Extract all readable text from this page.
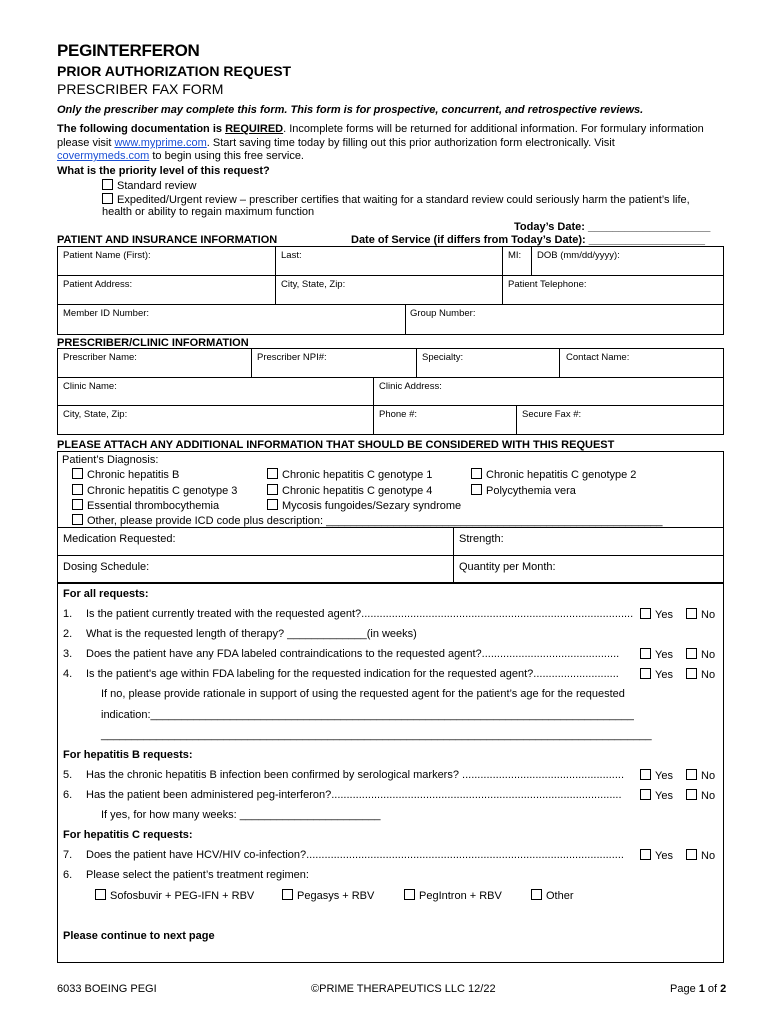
PEGINTERFERON
PRIOR AUTHORIZATION REQUEST
PRESCRIBER FAX FORM
Only the prescriber may complete this form. This form is for prospective, concurrent, and retrospective reviews.
The following documentation is REQUIRED. Incomplete forms will be returned for additional information. For formulary information
please visit www.myprime.com. Start saving time today by filling out this prior authorization form electronically. Visit
covermymeds.com to begin using this free service.
What is the priority level of this request?
Standard review
Expedited/Urgent review – prescriber certifies that waiting for a standard review could seriously harm the patient’s life,
health or ability to regain maximum function
Today’s Date: ____________________
PATIENT AND INSURANCE INFORMATION	Date of Service (if differs from Today’s Date): ___________________
Patient Name (First):	Last:	MI: DOB (mm/dd/yyyy):
Patient Address:	City, State, Zip:	Patient Telephone:
Member ID Number:	Group Number:
PRESCRIBER/CLINIC INFORMATION
Prescriber Name:	Prescriber NPI#:	Specialty:	Contact Name:
Clinic Name:	Clinic Address:
City, State, Zip:	Phone #:	Secure Fax #:
PLEASE ATTACH ANY ADDITIONAL INFORMATION THAT SHOULD BE CONSIDERED WITH THIS REQUEST
Patient’s Diagnosis:
Chronic hepatitis B	Chronic hepatitis C genotype 1	Chronic hepatitis C genotype 2
Chronic hepatitis C genotype 3	Chronic hepatitis C genotype 4	Polycythemia vera
Essential thrombocythemia	Mycosis fungoides/Sezary syndrome
Other, please provide ICD code plus description: _______________________________________________________
Medication Requested:	Strength:
Dosing Schedule:	Quantity per Month:
For all requests:
1. Is the patient currently treated with the requested agent?.........................................................................................	Yes	No
2. What is the requested length of therapy? _____________(in weeks)
3. Does the patient have any FDA labeled contraindications to the requested agent?.............................................	Yes	No
4. Is the patient's age within FDA labeling for the requested indication for the requested agent?............................	Yes	No
If no, please provide rationale in support of using the requested agent for the patient’s age for the requested
indication:_______________________________________________________________________________
__________________________________________________________________________________________
For hepatitis B requests:
5. Has the chronic hepatitis B infection been confirmed by serological markers? .....................................................	Yes	No
6. Has the patient been administered peg-interferon?...............................................................................................	Yes	No
If yes, for how many weeks: _______________________
For hepatitis C requests:
7. Does the patient have HCV/HIV co-infection?........................................................................................................	Yes	No
6. Please select the patient’s treatment regimen:
Sofosbuvir + PEG-IFN + RBV	Pegasys + RBV	PegIntron + RBV	Other
Please continue to next page
6033 BOEING PEGI	©PRIME THERAPEUTICS LLC 12/22	Page 1 of 2
